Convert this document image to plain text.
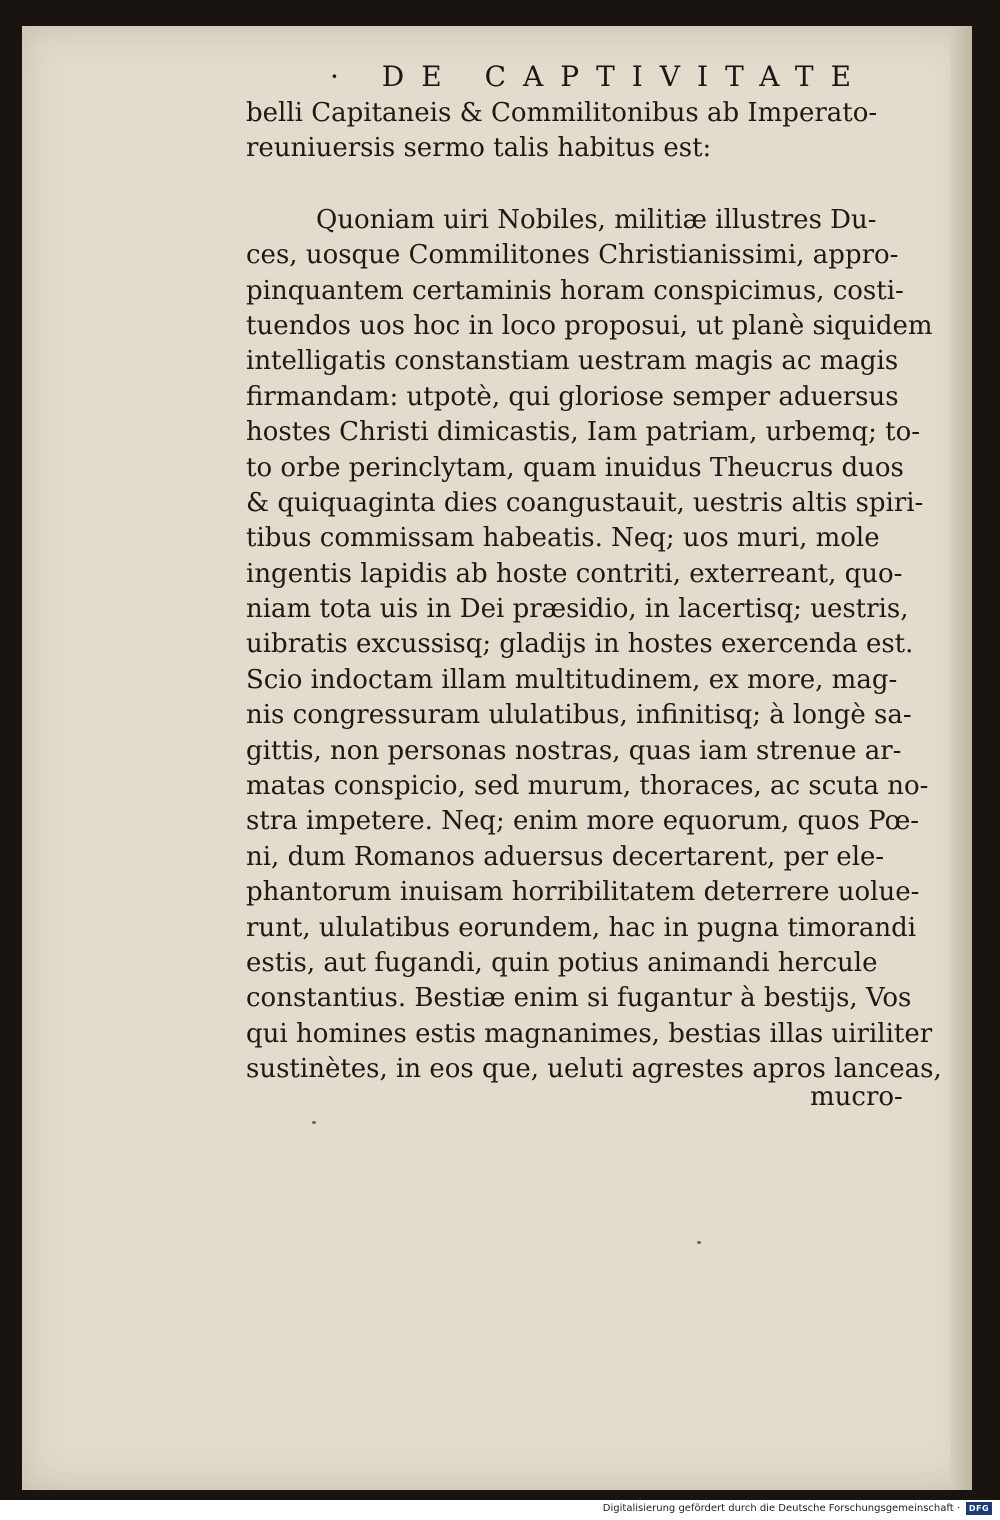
· DE CAPTIVITATE
belli Capitaneis & Commilitonibus ab Imperato-
reuniuersis sermo talis habitus est:
Quoniam uiri Nobiles, militiæ illustres Du-
ces, uosque Commilitones Christianissimi, appro-
pinquantem certaminis horam conspicimus, costi-
tuendos uos hoc in loco proposui, ut planè siquidem
intelligatis constanstiam uestram magis ac magis
firmandam: utpotè, qui gloriose semper aduersus
hostes Christi dimicastis, Iam patriam, urbemq; to-
to orbe perinclytam, quam inuidus Theucrus duos
& quiquaginta dies coangustauit, uestris altis spiri-
tibus commissam habeatis. Neq; uos muri, mole
ingentis lapidis ab hoste contriti, exterreant, quo-
niam tota uis in Dei præsidio, in lacertisq; uestris,
uibratis excussisq; gladijs in hostes exercenda est.
Scio indoctam illam multitudinem, ex more, mag-
nis congressuram ululatibus, infinitisq; à longè sa-
gittis, non personas nostras, quas iam strenue ar-
matas conspicio, sed murum, thoraces, ac scuta no-
stra impetere. Neq; enim more equorum, quos Pœ-
ni, dum Romanos aduersus decertarent, per ele-
phantorum inuisam horribilitatem deterrere uolue-
runt, ululatibus eorundem, hac in pugna timorandi
estis, aut fugandi, quin potius animandi hercule
constantius. Bestiæ enim si fugantur à bestijs, Vos
qui homines estis magnanimes, bestias illas uiriliter
sustinètes, in eos que, ueluti agrestes apros lanceas,
mucro-
Digitalisierung gefördert durch die Deutsche Forschungsgemeinschaft ·	DFG
